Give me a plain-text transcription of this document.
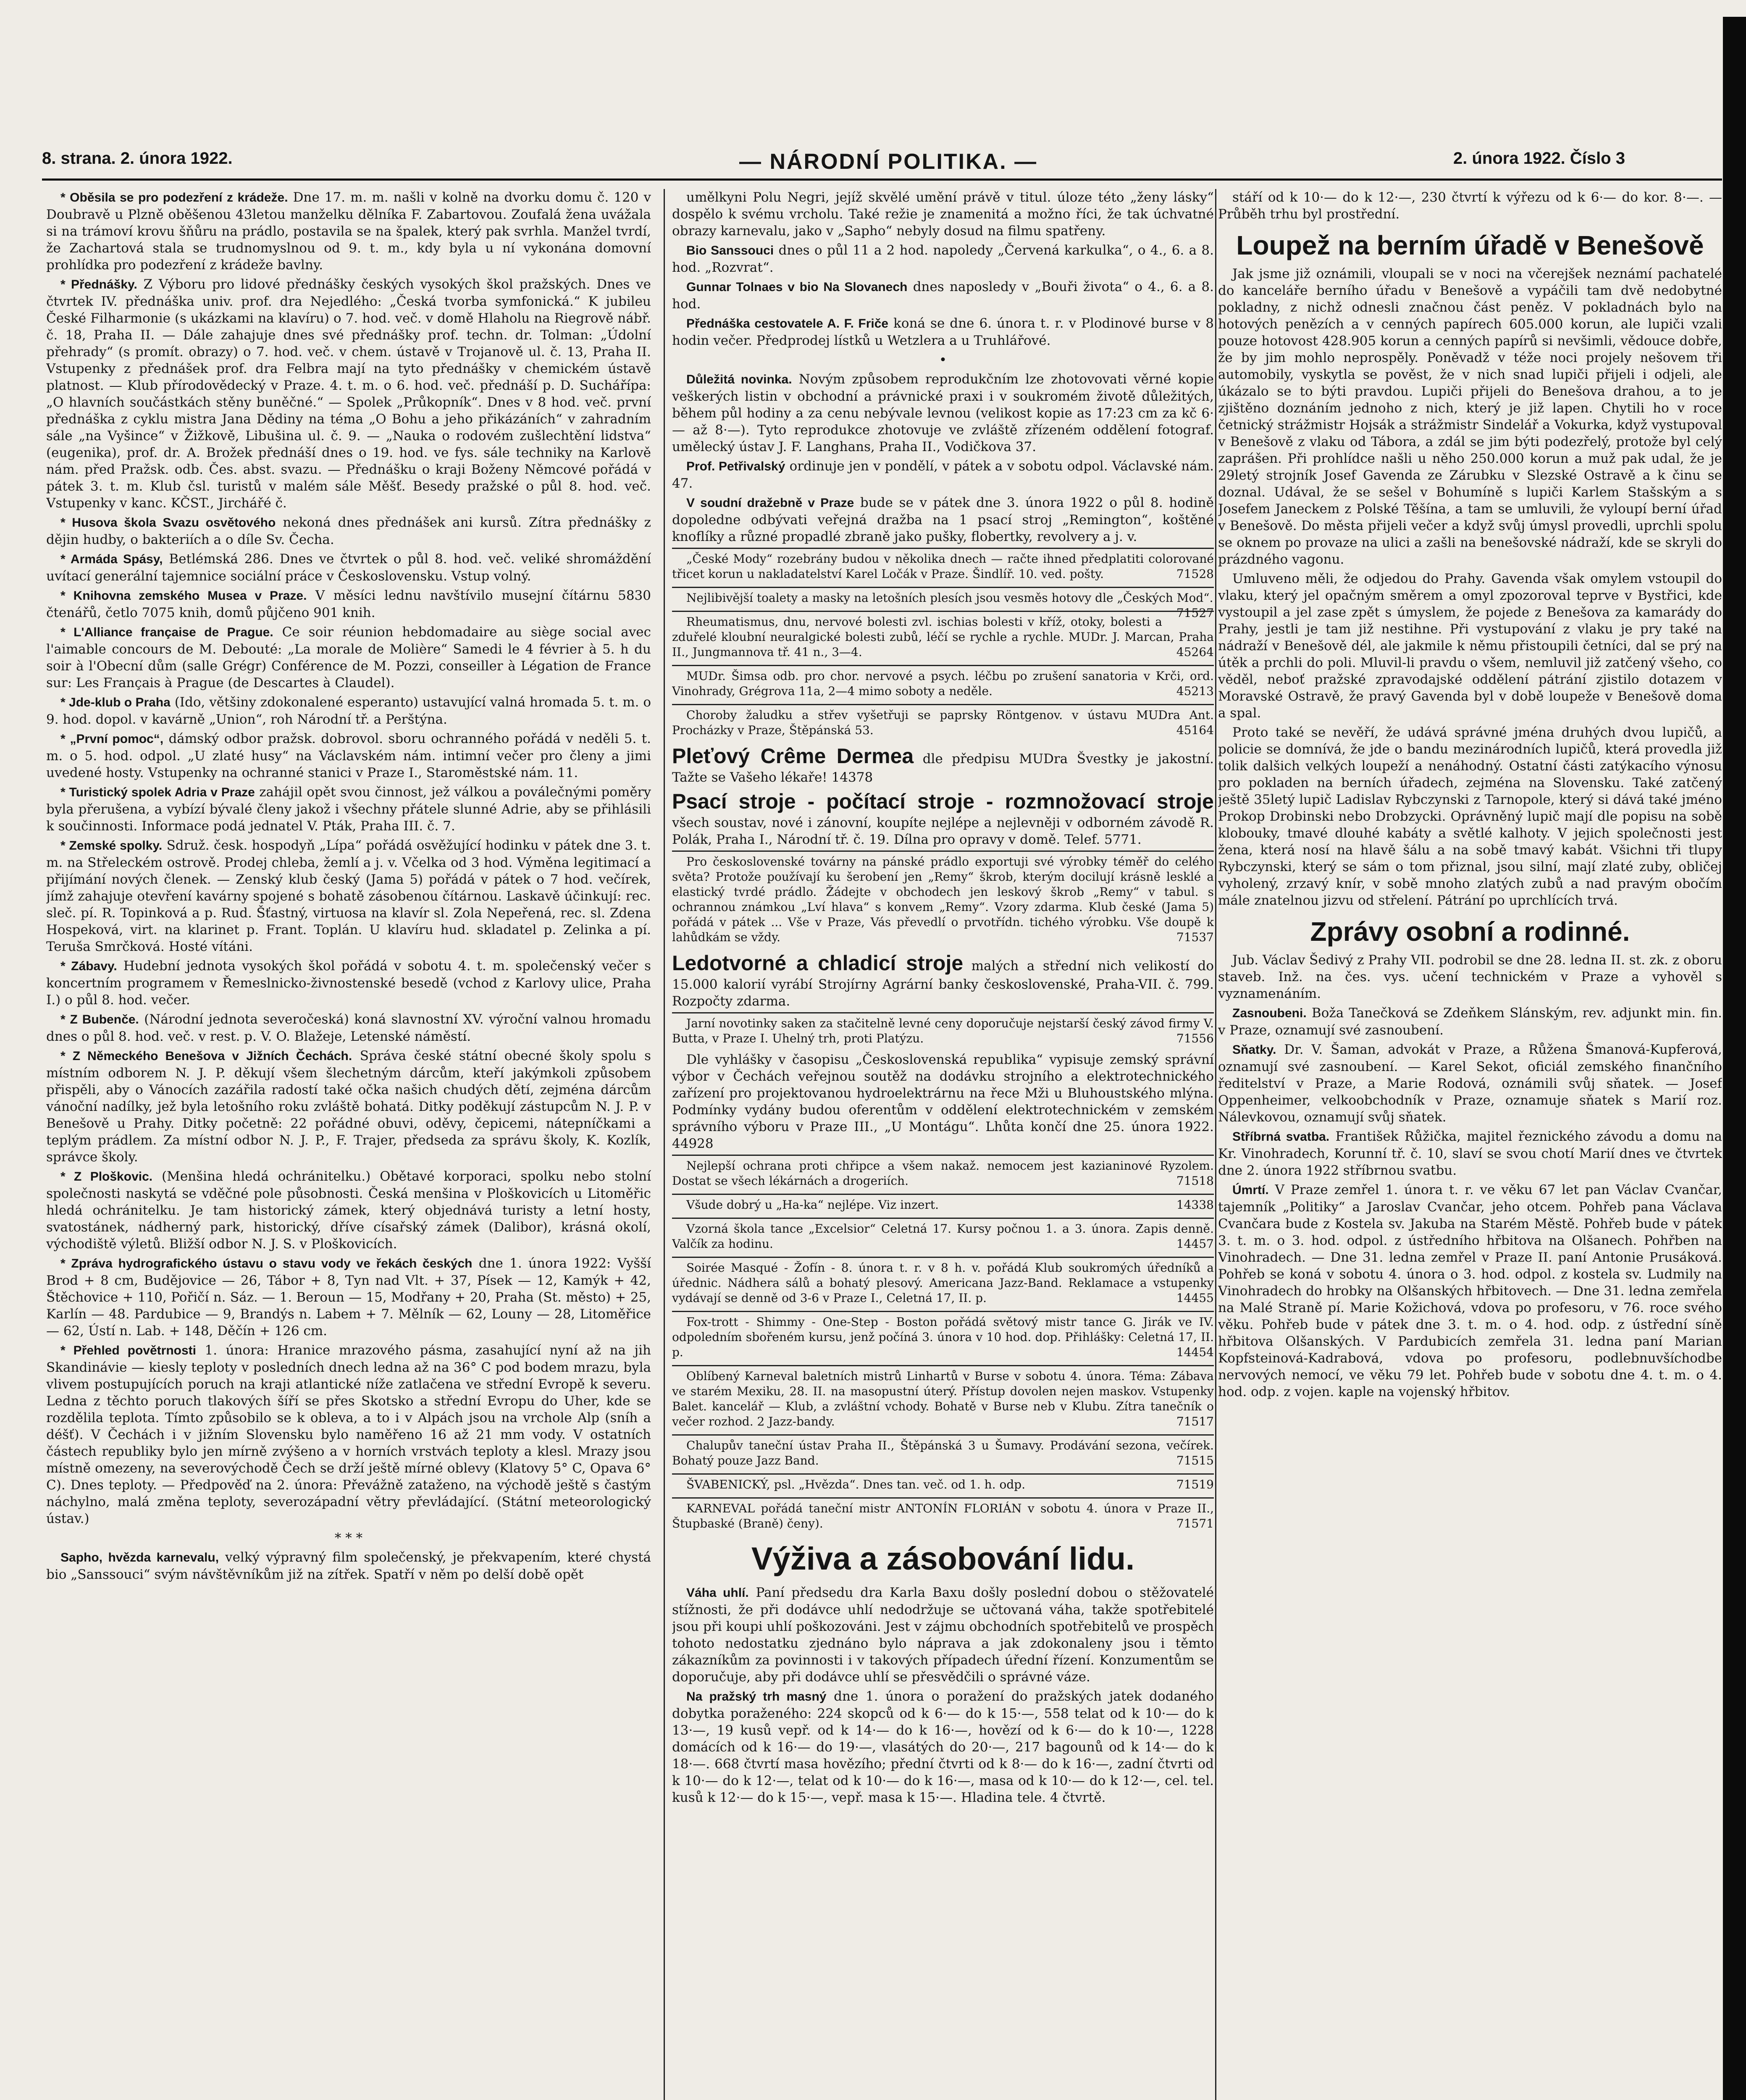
8. strana. 2. února 1922.	— NÁRODNÍ POLITIKA. —	2. února 1922. Číslo 3

* Oběsila se pro podezření z krádeže. Dne 17. m. m. našli v kolně na dvorku domu č. 120 v Doubravě u Plzně oběšenou 43letou manželku dělníka F. Zabartovou. Zoufalá žena uvážala si na trámoví krovu šňůru na prádlo, postavila se na špalek, který pak svrhla. Manžel tvrdí, že Zachartová stala se trudnomyslnou od 9. t. m., kdy byla u ní vykonána domovní prohlídka pro podezření z krádeže bavlny.

* Přednášky. Z Výboru pro lidové přednášky českých vysokých škol pražských. Dnes ve čtvrtek IV. přednáška univ. prof. dra Nejedlého: „Česká tvorba symfonická.“ K jubileu České Filharmonie (s ukázkami na klavíru) o 7. hod. več. v domě Hlaholu na Riegrově nábř. č. 18, Praha II. — Dále zahajuje dnes své přednášky prof. techn. dr. Tolman: „Údolní přehrady“ (s promít. obrazy) o 7. hod. več. v chem. ústavě v Trojanově ul. č. 13, Praha II. Vstupenky z přednášek prof. dra Felbra mají na tyto přednášky v chemickém ústavě platnost. — Klub přírodovědecký v Praze. 4. t. m. o 6. hod. več. přednáší p. D. Suchářípa: „O hlavních součástkách stěny buněčné.“ — Spolek „Průkopník“. Dnes v 8 hod. več. první přednáška z cyklu mistra Jana Dědiny na téma „O Bohu a jeho přikázáních“ v zahradním sále „na Vyšince“ v Žižkově, Libušina ul. č. 9. — „Nauka o rodovém zušlechtění lidstva“ (eugenika), prof. dr. A. Brožek přednáší dnes o 19. hod. ve fys. sále techniky na Karlově nám. před Pražsk. odb. Čes. abst. svazu. — Přednášku o kraji Boženy Němcové pořádá v pátek 3. t. m. Klub čsl. turistů v malém sále Měšť. Besedy pražské o půl 8. hod. več. Vstupenky v kanc. KČST., Jirchářé č.

* Husova škola Svazu osvětového nekoná dnes přednášek ani kursů. Zítra přednášky z dějin hudby, o bakteriích a o díle Sv. Čecha.

* Armáda Spásy, Betlémská 286. Dnes ve čtvrtek o půl 8. hod. več. veliké shromáždění uvítací generální tajemnice sociální práce v Československu. Vstup volný.

* Knihovna zemského Musea v Praze. V měsíci lednu navštívilo musejní čítárnu 5830 čtenářů, četlo 7075 knih, domů půjčeno 901 knih.

* L'Alliance française de Prague. Ce soir réunion hebdomadaire au siège social avec l'aimable concours de M. Debouté: „La morale de Molière“ Samedi le 4 février à 5. h du soir à l'Obecní dům (salle Grégr) Conférence de M. Pozzi, conseiller à Légation de France sur: Les Français à Prague (de Descartes à Claudel).

* Jde-klub o Praha (Ido, většiny zdokonalené esperanto) ustavující valná hromada 5. t. m. o 9. hod. dopol. v kavárně „Union“, roh Národní tř. a Perštýna.

* „První pomoc“, dámský odbor pražsk. dobrovol. sboru ochranného pořádá v neděli 5. t. m. o 5. hod. odpol. „U zlaté husy“ na Václavském nám. intimní večer pro členy a jimi uvedené hosty. Vstupenky na ochranné stanici v Praze I., Staroměstské nám. 11.

* Turistický spolek Adria v Praze zahájil opět svou činnost, jež válkou a poválečnými poměry byla přerušena, a vybízí bývalé členy jakož i všechny přátele slunné Adrie, aby se přihlásili k součinnosti. Informace podá jednatel V. Pták, Praha III. č. 7.

* Zemské spolky. Sdruž. česk. hospodyň „Lípa“ pořádá osvěžující hodinku v pátek dne 3. t. m. na Střeleckém ostrově. Prodej chleba, žemlí a j. v. Včelka od 3 hod. Výměna legitimací a přijímání nových členek. — Zenský klub český (Jama 5) pořádá v pátek o 7 hod. večírek, jímž zahajuje otevření kavárny spojené s bohatě zásobenou čítárnou. Laskavě účinkují: rec. sleč. pí. R. Topinková a p. Rud. Šťastný, virtuosa na klavír sl. Zola Nepeřená, rec. sl. Zdena Hospeková, virt. na klarinet p. Frant. Toplán. U klavíru hud. skladatel p. Zelinka a pí. Teruša Smrčková. Hosté vítáni.

* Zábavy. Hudební jednota vysokých škol pořádá v sobotu 4. t. m. společenský večer s koncertním programem v Řemeslnicko-živnostenské besedě (vchod z Karlovy ulice, Praha I.) o půl 8. hod. večer.

* Z Bubenče. (Národní jednota severočeská) koná slavnostní XV. výroční valnou hromadu dnes o půl 8. hod. več. v rest. p. V. O. Blažeje, Letenské náměstí.

* Z Německého Benešova v Jižních Čechách. Správa české státní obecné školy spolu s místním odborem N. J. P. děkují všem šlechetným dárcům, kteří jakýmkoli způsobem přispěli, aby o Vánocích zazářila radostí také očka našich chudých dětí, zejména dárcům vánoční nadílky, jež byla letošního roku zvláště bohatá. Ditky poděkují zástupcům N. J. P. v Benešově u Prahy. Ditky početně: 22 pořádné obuvi, oděvy, čepicemi, nátepníčkami a teplým prádlem. Za místní odbor N. J. P., F. Trajer, předseda za správu školy, K. Kozlík, správce školy.

* Z Ploškovic. (Menšina hledá ochránitelku.) Obětavé korporaci, spolku nebo stolní společnosti naskytá se vděčné pole působnosti. Česká menšina v Ploškovicích u Litoměřic hledá ochránitelku. Je tam historický zámek, který objednává turisty a letní hosty, svatostánek, nádherný park, historický, dříve císařský zámek (Dalibor), krásná okolí, východiště výletů. Bližší odbor N. J. S. v Ploškovicích.

* Zpráva hydrografického ústavu o stavu vody ve řekách českých dne 1. února 1922: Vyšší Brod + 8 cm, Budějovice — 26, Tábor + 8, Tyn nad Vlt. + 37, Písek — 12, Kamýk + 42, Štěchovice + 110, Pořičí n. Sáz. — 1. Beroun — 15, Modřany + 20, Praha (St. město) + 25, Karlín — 48. Pardubice — 9, Brandýs n. Labem + 7. Mělník — 62, Louny — 28, Litoměřice — 62, Ústí n. Lab. + 148, Děčín + 126 cm.

* Přehled povětrnosti 1. února: Hranice mrazového pásma, zasahující nyní až na jih Skandinávie — kiesly teploty v posledních dnech ledna až na 36° C pod bodem mrazu, byla vlivem postupujících poruch na kraji atlantické níže zatlačena ve střední Evropě k severu. Ledna z těchto poruch tlakových šíří se přes Skotsko a střední Evropu do Uher, kde se rozdělila teplota. Tímto způsobilo se k obleva, a to i v Alpách jsou na vrchole Alp (sníh a déšť). V Čechách i v jižním Slovensku bylo naměřeno 16 až 21 mm vody. V ostatních částech republiky bylo jen mírně zvýšeno a v horních vrstvách teploty a klesl. Mrazy jsou místně omezeny, na severovýchodě Čech se drží ještě mírné oblevy (Klatovy 5° C, Opava 6° C). Dnes teploty. — Předpověď na 2. února: Převážně zataženo, na východě ještě s častým náchylno, malá změna teploty, severozápadní větry převládající. (Státní meteorologický ústav.)

* * *

Sapho, hvězda karnevalu, velký výpravný film společenský, je překvapením, které chystá bio „Sanssouci“ svým návštěvníkům již na zítřek. Spatří v něm po delší době opět

umělkyni Polu Negri, jejíž skvělé umění právě v titul. úloze této „ženy lásky“ dospělo k svému vrcholu. Také režie je znamenitá a možno říci, že tak úchvatné obrazy karnevalu, jako v „Sapho“ nebyly dosud na filmu spatřeny.

Bio Sanssouci dnes o půl 11 a 2 hod. napoledy „Červená karkulka“, o 4., 6. a 8. hod. „Rozvrat“.

Gunnar Tolnaes v bio Na Slovanech dnes naposledy v „Bouři života“ o 4., 6. a 8. hod.

Přednáška cestovatele A. F. Friče koná se dne 6. února t. r. v Plodinové burse v 8 hodin večer. Předprodej lístků u Wetzlera a u Truhlářové.

•

Důležitá novinka. Novým způsobem reprodukčním lze zhotovovati věrné kopie veškerých listin v obchodní a právnické praxi i v soukromém životě důležitých, během půl hodiny a za cenu nebývale levnou (velikost kopie as 17:23 cm za kč 6·— až 8·—). Tyto reprodukce zhotovuje ve zvláště zřízeném oddělení fotograf. umělecký ústav J. F. Langhans, Praha II., Vodičkova 37.

Prof. Petřivalský ordinuje jen v pondělí, v pátek a v sobotu odpol. Václavské nám. 47.

V soudní dražebně v Praze bude se v pátek dne 3. února 1922 o půl 8. hodině dopoledne odbývati veřejná dražba na 1 psací stroj „Remington“, koštěné knoflíky a různé propadlé zbraně jako pušky, flobertky, revolvery a j. v.

„České Mody“ rozebrány budou v několika dnech — račte ihned předplatiti colorované třicet korun u nakladatelství Karel Ločák v Praze. Šindlíř. 10. ved. pošty.	71528

Nejlibivější toalety a masky na letošních plesích jsou vesměs hotovy dle „Českých Mod“.
71527

Rheumatismus, dnu, nervové bolesti zvl. ischias bolesti v kříž, otoky, bolesti a zduřelé kloubní neuralgické bolesti zubů, léčí se rychle a rychle. MUDr. J. Marcan, Praha II., Jungmannova tř. 41 n., 3—4.	45264

MUDr. Šimsa odb. pro chor. nervové a psych. léčbu po zrušení sanatoria v Krči, ord. Vinohrady, Grégrova 11a, 2—4 mimo soboty a neděle.	45213

Choroby žaludku a střev vyšetřuji se paprsky Röntgenov. v ústavu MUDra Ant. Procházky v Praze, Štěpánská 53.	45164

Pleťový Crême Dermea dle předpisu MUDra Švestky je jakostní. Tažte se Vašeho lékaře! 14378

Psací stroje - počítací stroje - rozmnožovací stroje všech soustav, nové i zánovní, koupíte nejlépe a nejlevněji v odborném závodě R. Polák, Praha I., Národní tř. č. 19. Dílna pro opravy v domě. Telef. 5771.

Pro československé továrny na pánské prádlo exportuji své výrobky téměř do celého světa? Protože používají ku šerobení jen „Remy“ škrob, kterým docilují krásně lesklé a elastický tvrdé prádlo. Žádejte v obchodech jen leskový škrob „Remy“ v tabul. s ochrannou známkou „Lví hlava“ s konvem „Remy“. Vzory zdarma. Klub české (Jama 5) pořádá v pátek ... Vše v Praze, Vás převedlí o prvotřídn. tichého výrobku. Vše doupě k lahůdkám se vždy.	71537

Ledotvorné a chladicí stroje malých a střední nich velikostí do 15.000 kalorií vyrábí Strojírny Agrární banky československé, Praha-VII. č. 799. Rozpočty zdarma.

Jarní novotinky saken za stačitelně levné ceny doporučuje nejstarší český závod firmy V. Butta, v Praze I. Uhelný trh, proti Platýzu.	71556

Dle vyhlášky v časopisu „Československá republika“ vypisuje zemský správní výbor v Čechách veřejnou soutěž na dodávku strojního a elektrotechnického zařízení pro projektovanou hydroelektrárnu na řece Mži u Bluhoustského mlýna. Podmínky vydány budou oferentům v oddělení elektrotechnickém v zemském správního výboru v Praze III., „U Montágu“. Lhůta končí dne 25. února 1922. 44928

Nejlepší ochrana proti chřipce a všem nakaž. nemocem jest kazianinové Ryzolem. Dostat se všech lékárnách a drogeriích.	71518

Všude dobrý u „Ha-ka“ nejlépe. Viz inzert.	14338

Vzorná škola tance „Excelsior“ Celetná 17. Kursy počnou 1. a 3. února. Zapis denně. Valčík za hodinu.	14457

Soirée Masqué - Žofín - 8. února t. r. v 8 h. v. pořádá Klub soukromých úředníků a úřednic. Nádhera sálů a bohatý plesový. Americana Jazz-Band. Reklamace a vstupenky vydávají se denně od 3-6 v Praze I., Celetná 17, II. p.	14455

Fox-trott - Shimmy - One-Step - Boston pořádá světový mistr tance G. Jirák ve IV. odpoledním sbořeném kursu, jenž počíná 3. února v 10 hod. dop. Přihlášky: Celetná 17, II. p.	14454

Oblíbený Karneval baletních mistrů Linhartů v Burse v sobotu 4. února. Téma: Zábava ve starém Mexiku, 28. II. na masopustní úterý. Přístup dovolen nejen maskov. Vstupenky Balet. kancelář — Klub, a zvláštní vchody. Bohatě v Burse neb v Klubu. Zítra tanečník o večer rozhod. 2 Jazz-bandy.	71517

Chalupův taneční ústav Praha II., Štěpánská 3 u Šumavy. Prodávání sezona, večírek. Bohatý pouze Jazz Band.	71515

ŠVABENICKÝ, psl. „Hvězda“. Dnes tan. več. od 1. h. odp.	71519

KARNEVAL pořádá taneční mistr ANTONÍN FLORIÁN v sobotu 4. února v Praze II., Štupbaské (Braně) čeny).	71571

Výživa a zásobování lidu.

Váha uhlí. Paní předsedu dra Karla Baxu došly poslední dobou o stěžovatelé stížnosti, že při dodávce uhlí nedodržuje se učtovaná váha, takže spotřebitelé jsou při koupi uhlí poškozováni. Jest v zájmu obchodních spotřebitelů ve prospěch tohoto nedostatku zjednáno bylo náprava a jak zdokonaleny jsou i těmto zákazníkům za povinnosti i v takových případech úřední řízení. Konzumentům se doporučuje, aby při dodávce uhlí se přesvědčili o správné váze.

Na pražský trh masný dne 1. února o poražení do pražských jatek dodaného dobytka poraženého: 224 skopců od k 6·— do k 15·—, 558 telat od k 10·— do k 13·—, 19 kusů vepř. od k 14·— do k 16·—, hovězí od k 6·— do k 10·—, 1228 domácích od k 16·— do 19·—, vlasátých do 20·—, 217 bagounů od k 14·— do k 18·—. 668 čtvrtí masa hovězího; přední čtvrti od k 8·— do k 16·—, zadní čtvrti od k 10·— do k 12·—, telat od k 10·— do k 16·—, masa od k 10·— do k 12·—, cel. tel. kusů k 12·— do k 15·—, vepř. masa k 15·—. Hladina tele. 4 čtvrtě.

stáří od k 10·— do k 12·—, 230 čtvrtí k výřezu od k 6·— do kor. 8·—. — Průběh trhu byl prostřední.

Loupež na berním úřadě v Benešově

Jak jsme již oznámili, vloupali se v noci na včerejšek neznámí pachatelé do kanceláře berního úřadu v Benešově a vypáčili tam dvě nedobytné pokladny, z nichž odnesli značnou část peněz. V pokladnách bylo na hotových penězích a v cenných papírech 605.000 korun, ale lupiči vzali pouze hotovost 428.905 korun a cenných papírů si nevšimli, vědouce dobře, že by jim mohlo neprospěly. Poněvadž v téže noci projely nešovem tři automobily, vyskytla se pověst, že v nich snad lupiči přijeli i odjeli, ale úkázalo se to býti pravdou. Lupiči přijeli do Benešova drahou, a to je zjištěno doznáním jednoho z nich, který je již lapen. Chytili ho v roce četnický strážmistr Hojsák a strážmistr Sindelář a Vokurka, když vystupoval v Benešově z vlaku od Tábora, a zdál se jim býti podezřelý, protože byl celý zaprášen. Při prohlídce našli u něho 250.000 korun a muž pak udal, že je 29letý strojník Josef Gavenda ze Zárubku v Slezské Ostravě a k činu se doznal. Udával, že se sešel v Bohumíně s lupiči Karlem Stašským a s Josefem Janeckem z Polské Těšína, a tam se umluvili, že vyloupí berní úřad v Benešově. Do města přijeli večer a když svůj úmysl provedli, uprchli spolu se oknem po provaze na ulici a zašli na benešovské nádraží, kde se skryli do prázdného vagonu.

Umluveno měli, že odjedou do Prahy. Gavenda však omylem vstoupil do vlaku, který jel opačným směrem a omyl zpozoroval teprve v Bystřici, kde vystoupil a jel zase zpět s úmyslem, že pojede z Benešova za kamarády do Prahy, jestli je tam již nestihne. Při vystupování z vlaku je pry také na nádraží v Benešově dél, ale jakmile k němu přistoupili četníci, dal se prý na útěk a prchli do poli. Mluvil-li pravdu o všem, nemluvil již zatčený všeho, co věděl, neboť pražské zpravodajské oddělení pátrání zjistilo dotazem v Moravské Ostravě, že pravý Gavenda byl v době loupeže v Benešově doma a spal.

Proto také se nevěří, že udává správné jména druhých dvou lupičů, a policie se domnívá, že jde o bandu mezinárodních lupičů, která provedla již tolik dalšich velkých loupeží a nenáhodný. Ostatní části zatýkacího výnosu pro pokladen na berních úřadech, zejména na Slovensku. Také zatčený ještě 35letý lupič Ladislav Rybczynski z Tarnopole, který si dává také jméno Prokop Drobinski nebo Drobzycki. Oprávněný lupič mají dle popisu na sobě klobouky, tmavé dlouhé kabáty a světlé kalhoty. V jejich společnosti jest žena, která nosí na hlavě šálu a na sobě tmavý kabát. Všichni tři tlupy Rybczynski, který se sám o tom přiznal, jsou silní, mají zlaté zuby, obličej vyholený, zrzavý knír, v sobě mnoho zlatých zubů a nad pravým obočím mále znatelnou jizvu od střelení. Pátrání po uprchlících trvá.

Zprávy osobní a rodinné.

Jub. Václav Šedivý z Prahy VII. podrobil se dne 28. ledna II. st. zk. z oboru staveb. Inž. na čes. vys. učení technickém v Praze a vyhověl s vyznamenáním.

Zasnoubeni. Boža Tanečková se Zdeňkem Slánským, rev. adjunkt min. fin. v Praze, oznamují své zasnoubení.

Sňatky. Dr. V. Šaman, advokát v Praze, a Růžena Šmanová-Kupferová, oznamují své zasnoubení. — Karel Sekot, oficiál zemského finančního ředitelství v Praze, a Marie Rodová, oznámili svůj sňatek. — Josef Oppenheimer, velkoobchodník v Praze, oznamuje sňatek s Marií roz. Nálevkovou, oznamují svůj sňatek.

Stříbrná svatba. František Růžička, majitel řeznického závodu a domu na Kr. Vinohradech, Korunní tř. č. 10, slaví se svou chotí Marií dnes ve čtvrtek dne 2. února 1922 stříbrnou svatbu.

Úmrtí. V Praze zemřel 1. února t. r. ve věku 67 let pan Václav Cvančar, tajemník „Politiky“ a Jaroslav Cvančar, jeho otcem. Pohřeb pana Václava Cvančara bude z Kostela sv. Jakuba na Starém Městě. Pohřeb bude v pátek 3. t. m. o 3. hod. odpol. z ústředního hřbitova na Olšanech. Pohřben na Vinohradech. — Dne 31. ledna zemřel v Praze II. paní Antonie Prusáková. Pohřeb se koná v sobotu 4. února o 3. hod. odpol. z kostela sv. Ludmily na Vinohradech do hrobky na Olšanských hřbitovech. — Dne 31. ledna zemřela na Malé Straně pí. Marie Kožichová, vdova po profesoru, v 76. roce svého věku. Pohřeb bude v pátek dne 3. t. m. o 4. hod. odp. z ústřední síně hřbitova Olšanských. V Pardubicích zemřela 31. ledna paní Marian Kopfsteinová-Kadrabová, vdova po profesoru, podlebnuvšíchodbe nervových nemocí, ve věku 79 let. Pohřeb bude v sobotu dne 4. t. m. o 4. hod. odp. z vojen. kaple na vojenský hřbitov.
